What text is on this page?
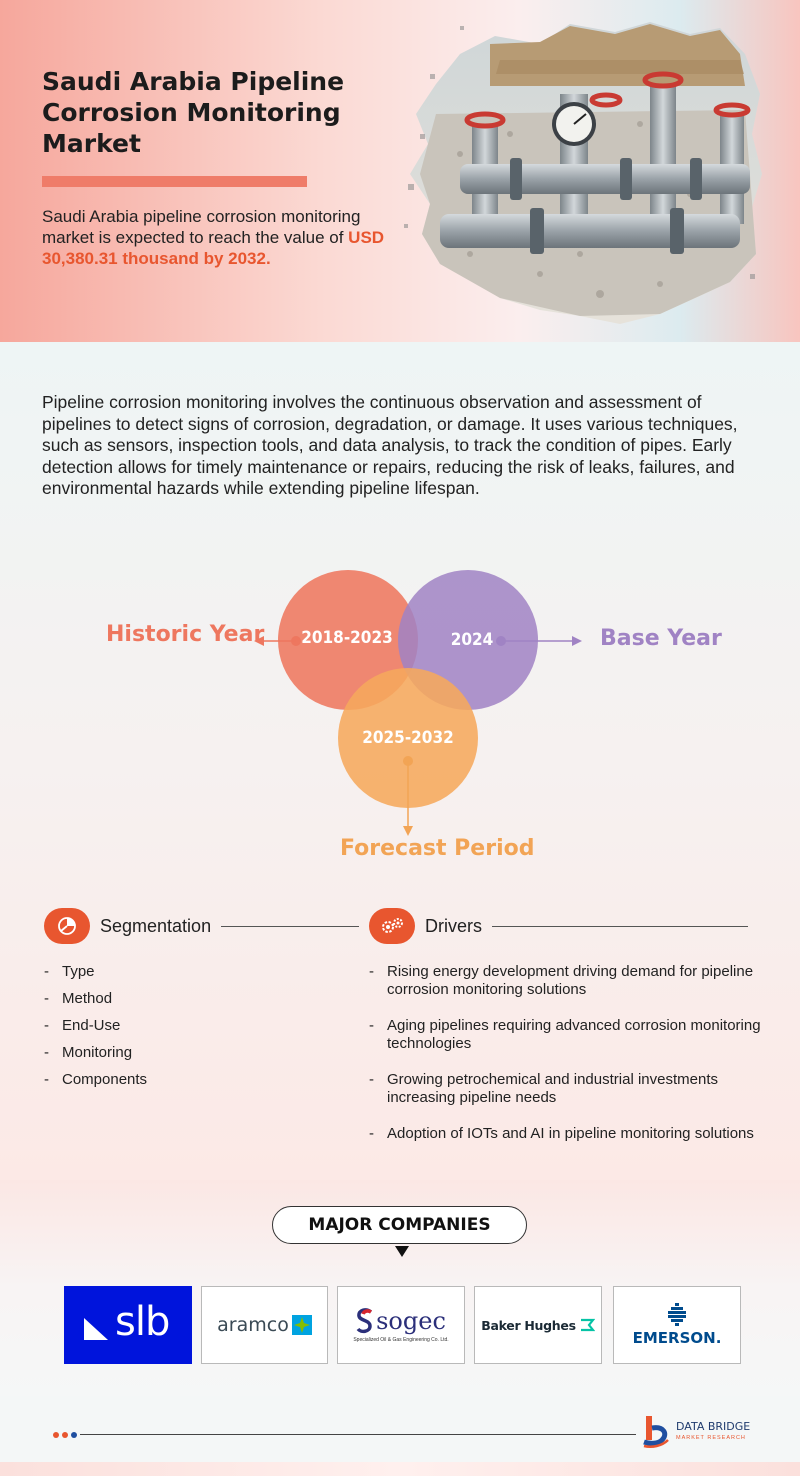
Saudi Arabia Pipeline Corrosion Monitoring Market

Saudi Arabia pipeline corrosion monitoring market is expected to reach the value of USD 30,380.31 thousand by 2032.

Pipeline corrosion monitoring involves the continuous observation and assessment of pipelines to detect signs of corrosion, degradation, or damage. It uses various techniques, such as sensors, inspection tools, and data analysis, to track the condition of pipes. Early detection allows for timely maintenance or repairs, reducing the risk of leaks, failures, and environmental hazards while extending pipeline lifespan.

2018-2023	2024
2025-2032
Historic Year	Base Year
Forecast Period
Segmentation
- Type
- Method
- End-Use
- Monitoring
- Components
Drivers
- Rising energy development driving demand for pipeline corrosion monitoring solutions
- Aging pipelines requiring advanced corrosion monitoring technologies
- Growing petrochemical and industrial investments increasing pipeline needs
- Adoption of IOTs and AI in pipeline monitoring solutions
MAJOR COMPANIES
slb	aramco	sogec
Specialized Oil & Gas Engineering Co. Ltd.
Baker Hughes
EMERSON.
DATA BRIDGE
MARKET RESEARCH
